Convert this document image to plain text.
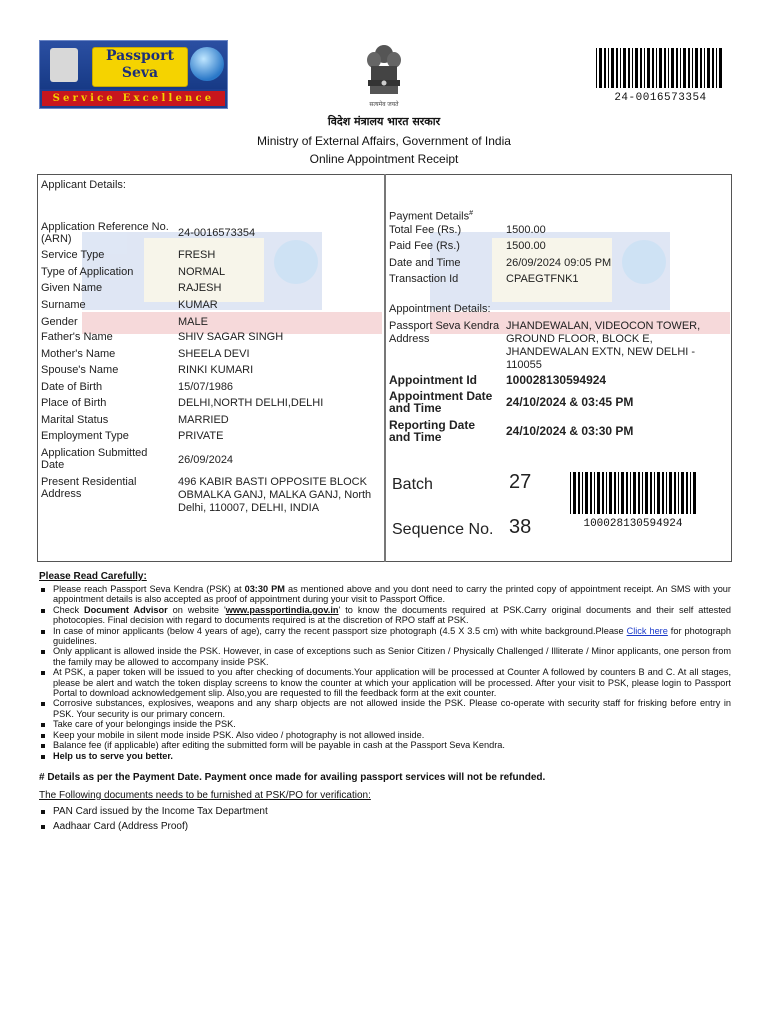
Passport
Seva
Service Excellence
सत्यमेव जयते
24-0016573354
विदेश मंत्रालय भारत सरकार
Ministry of External Affairs, Government of India
Online Appointment Receipt
Applicant Details:
Application Reference No. (ARN)	24-0016573354
Service Type	FRESH
Type of Application	NORMAL
Given Name	RAJESH
Surname	KUMAR
Gender	MALE
Father's Name	SHIV SAGAR SINGH
Mother's Name	SHEELA DEVI
Spouse's Name	RINKI KUMARI
Date of Birth	15/07/1986
Place of Birth	DELHI,NORTH DELHI,DELHI
Marital Status	MARRIED
Employment Type	PRIVATE
Application Submitted Date	26/09/2024
Present Residential Address
496 KABIR BASTI OPPOSITE BLOCK OBMALKA GANJ, MALKA GANJ, North Delhi, 110007, DELHI, INDIA
Payment Details#
Total Fee (Rs.)	1500.00
Paid Fee (Rs.)	1500.00
Date and Time	26/09/2024 09:05 PM
Transaction Id	CPAEGTFNK1
Appointment Details:
Passport Seva Kendra Address
JHANDEWALAN, VIDEOCON TOWER, GROUND FLOOR, BLOCK E, JHANDEWALAN EXTN, NEW DELHI - 110055
Appointment Id 100028130594924
Appointment Date and Time	24/10/2024 & 03:45 PM
Reporting Date and Time	24/10/2024 & 03:30 PM
Batch	27
Sequence No. 38	100028130594924
Please Read Carefully:
Please reach Passport Seva Kendra (PSK) at 03:30 PM as mentioned above and you dont need to carry the printed copy of appointment receipt. An SMS with your appointment details is also accepted as proof of appointment during your visit to Passport Office.
Check Document Advisor on website 'www.passportindia.gov.in' to know the documents required at PSK.Carry original documents and their self attested photocopies. Final decision with regard to documents required is at the discretion of RPO staff at PSK.
In case of minor applicants (below 4 years of age), carry the recent passport size photograph (4.5 X 3.5 cm) with white background.Please Click here for photograph guidelines.
Only applicant is allowed inside the PSK. However, in case of exceptions such as Senior Citizen / Physically Challenged / Illiterate / Minor applicants, one person from the family may be allowed to accompany inside PSK.
At PSK, a paper token will be issued to you after checking of documents.Your application will be processed at Counter A followed by counters B and C. At all stages, please be alert and watch the token display screens to know the counter at which your application will be processed. After your visit to PSK, please login to Passport Portal to download acknowledgement slip. Also,you are requested to fill the feedback form at the exit counter.
Corrosive substances, explosives, weapons and any sharp objects are not allowed inside the PSK. Please co-operate with security staff for frisking before entry in PSK. Your security is our primary concern.
Take care of your belongings inside the PSK.
Keep your mobile in silent mode inside PSK. Also video / photography is not allowed inside.
Balance fee (if applicable) after editing the submitted form will be payable in cash at the Passport Seva Kendra.
Help us to serve you better.
# Details as per the Payment Date. Payment once made for availing passport services will not be refunded.
The Following documents needs to be furnished at PSK/PO for verification:
PAN Card issued by the Income Tax Department
Aadhaar Card (Address Proof)
